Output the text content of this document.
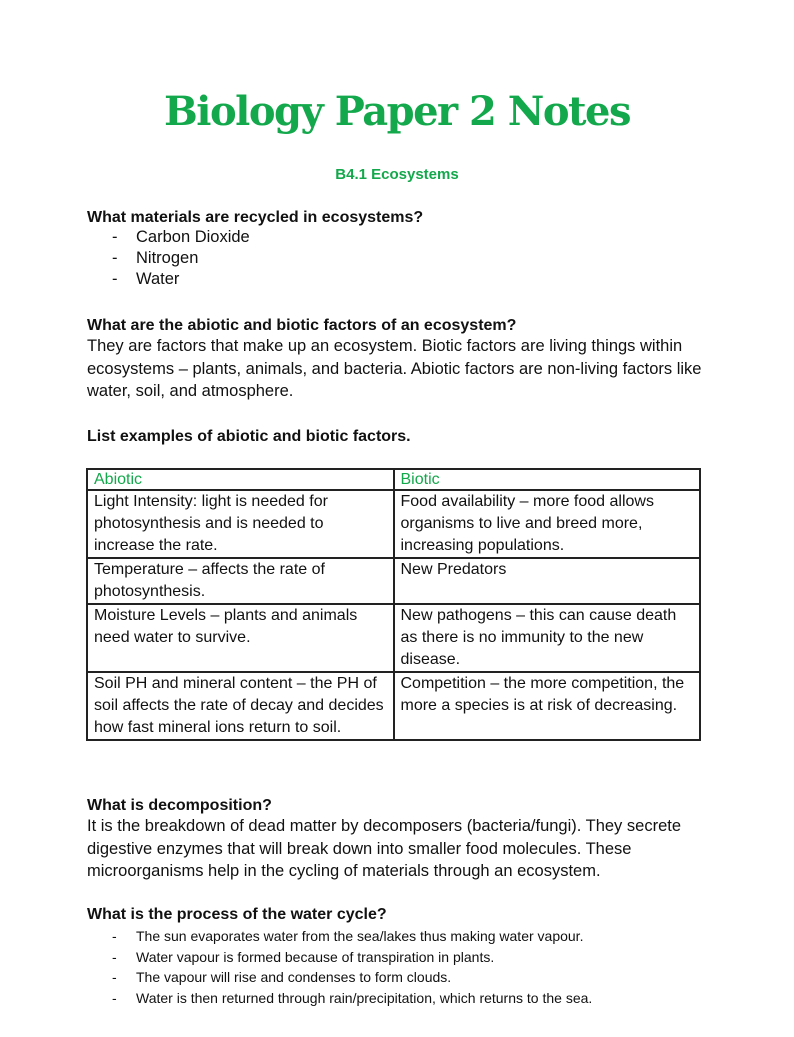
Biology Paper 2 Notes
B4.1 Ecosystems
What materials are recycled in ecosystems?
- Carbon Dioxide
- Nitrogen
- Water
What are the abiotic and biotic factors of an ecosystem?
They are factors that make up an ecosystem. Biotic factors are living things within ecosystems – plants, animals, and bacteria. Abiotic factors are non-living factors like water, soil, and atmosphere.
List examples of abiotic and biotic factors.
Abiotic	Biotic
Light Intensity: light is needed for photosynthesis and is needed to increase the rate.	Food availability – more food allows organisms to live and breed more, increasing populations.
Temperature – affects the rate of photosynthesis.	New Predators
Moisture Levels – plants and animals need water to survive.	New pathogens – this can cause death as there is no immunity to the new disease.
Soil PH and mineral content – the PH of soil affects the rate of decay and decides how fast mineral ions return to soil.	Competition – the more competition, the more a species is at risk of decreasing.
What is decomposition?
It is the breakdown of dead matter by decomposers (bacteria/fungi). They secrete digestive enzymes that will break down into smaller food molecules. These microorganisms help in the cycling of materials through an ecosystem.
What is the process of the water cycle?
- The sun evaporates water from the sea/lakes thus making water vapour.
- Water vapour is formed because of transpiration in plants.
- The vapour will rise and condenses to form clouds.
- Water is then returned through rain/precipitation, which returns to the sea.
